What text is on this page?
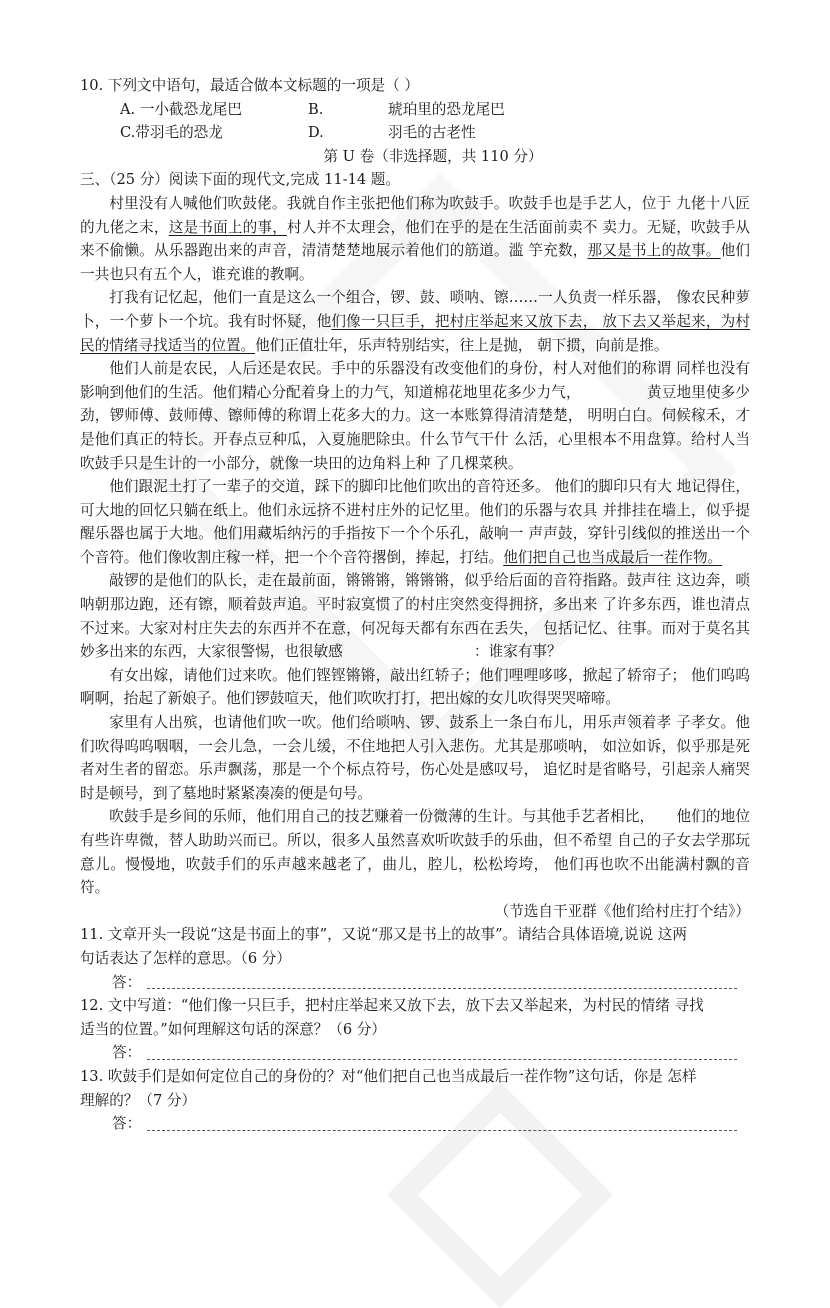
10. 下列文中语句，最适合做本文标题的一项是（ ）
A. 一小截恐龙尾巴	B.	琥珀里的恐龙尾巴
C.带羽毛的恐龙	D.	羽毛的古老性
第 U 卷（非选择题，共 110 分）
三、（25 分）阅读下面的现代文,完成 11-14 题。

村里没有人喊他们吹鼓佬。我就自作主张把他们称为吹鼓手。吹鼓手也是手艺人，位于 九佬十八匠的九佬之末，这是书面上的事，村人并不太理会，他们在乎的是在生活面前卖不 卖力。无疑，吹鼓手从来不偷懒。从乐器跑出来的声音，清清楚楚地展示着他们的筋道。滥 竽充数，那又是书上的故事。他们一共也只有五个人，谁充谁的教啊。

打我有记忆起，他们一直是这么一个组合，锣、鼓、唢呐、镲……一人负责一样乐器， 像农民种萝卜，一个萝卜一个坑。我有时怀疑，他们像一只巨手，把村庄举起来又放下去， 放下去又举起来，为村民的情绪寻找适当的位置。他们正值壮年，乐声特别结实，往上是抛， 朝下掼，向前是推。

他们人前是农民，人后还是农民。手中的乐器没有改变他们的身份，村人对他们的称谓 同样也没有影响到他们的生活。他们精心分配着身上的力气，知道棉花地里花多少力气，　　　　　黄豆地里使多少劲，锣师傅、鼓师傅、镲师傅的称谓上花多大的力。这一本账算得清清楚楚， 明明白白。伺候稼禾，才是他们真正的特长。开春点豆种瓜，入夏施肥除虫。什么节气干什 么活，心里根本不用盘算。给村人当吹鼓手只是生计的一小部分，就像一块田的边角料上种 了几棵菜秧。

他们跟泥土打了一辈子的交道，踩下的脚印比他们吹出的音符还多。 他们的脚印只有大 地记得住，可大地的回忆只躺在纸上。他们永远挤不进村庄外的记忆里。他们的乐器与农具 并排挂在墙上，似乎提醒乐器也属于大地。他们用藏垢纳污的手指按下一个个乐孔，敲响一 声声鼓，穿针引线似的推送出一个个音符。他们像收割庄稼一样，把一个个音符撂倒，捧起，打结。他们把自己也当成最后一茬作物。

敲锣的是他们的队长，走在最前面，锵锵锵，锵锵锵，似乎给后面的音符指路。鼓声往 这边奔，唢呐朝那边跑，还有镲，顺着鼓声追。平时寂寞惯了的村庄突然变得拥挤，多出来 了许多东西，谁也清点不过来。大家对村庄失去的东西并不在意，何况每天都有东西在丢失， 包括记忆、往事。而对于莫名其妙多出来的东西，大家很警惕，也很敏感　　　　　　　　　：谁家有事？

有女出嫁，请他们过来吹。他们铿铿锵锵，敲出红轿子；他们哩哩哆哆，掀起了轿帘子； 他们呜呜啊啊，抬起了新娘子。他们锣鼓喧天，他们吹吹打打，把出嫁的女儿吹得哭哭啼啼。

家里有人出殡，也请他们吹一吹。他们给唢呐、锣、鼓系上一条白布儿，用乐声领着孝 子孝女。他们吹得呜呜咽咽，一会儿急，一会儿缓，不住地把人引入悲伤。尤其是那唢呐， 如泣如诉，似乎那是死者对生者的留恋。乐声飘荡，那是一个个标点符号，伤心处是感叹号， 追忆时是省略号，引起亲人痛哭时是顿号，到了墓地时紧紧凑凑的便是句号。

吹鼓手是乡间的乐师，他们用自己的技艺赚着一份微薄的生计。与其他手艺者相比，　　他们的地位有些许卑微，替人助助兴而已。所以，很多人虽然喜欢听吹鼓手的乐曲，但不希望 自己的子女去学那玩意儿。慢慢地，吹鼓手们的乐声越来越老了，曲儿，腔儿，松松垮垮， 他们再也吹不出能满村飘的音符。

（节选自干亚群《他们给村庄打个结》）
11. 文章开头一段说“这是书面上的事”，又说“那又是书上的故事”。请结合具体语境,说说 这两
句话表达了怎样的意思。（6 分）
答：
12. 文中写道：“他们像一只巨手，把村庄举起来又放下去，放下去又举起来，为村民的情绪 寻找
适当的位置。”如何理解这句话的深意？（6 分）
答：
13. 吹鼓手们是如何定位自己的身份的？对“他们把自己也当成最后一茬作物”这句话，你是 怎样
理解的？（7 分）
答：
